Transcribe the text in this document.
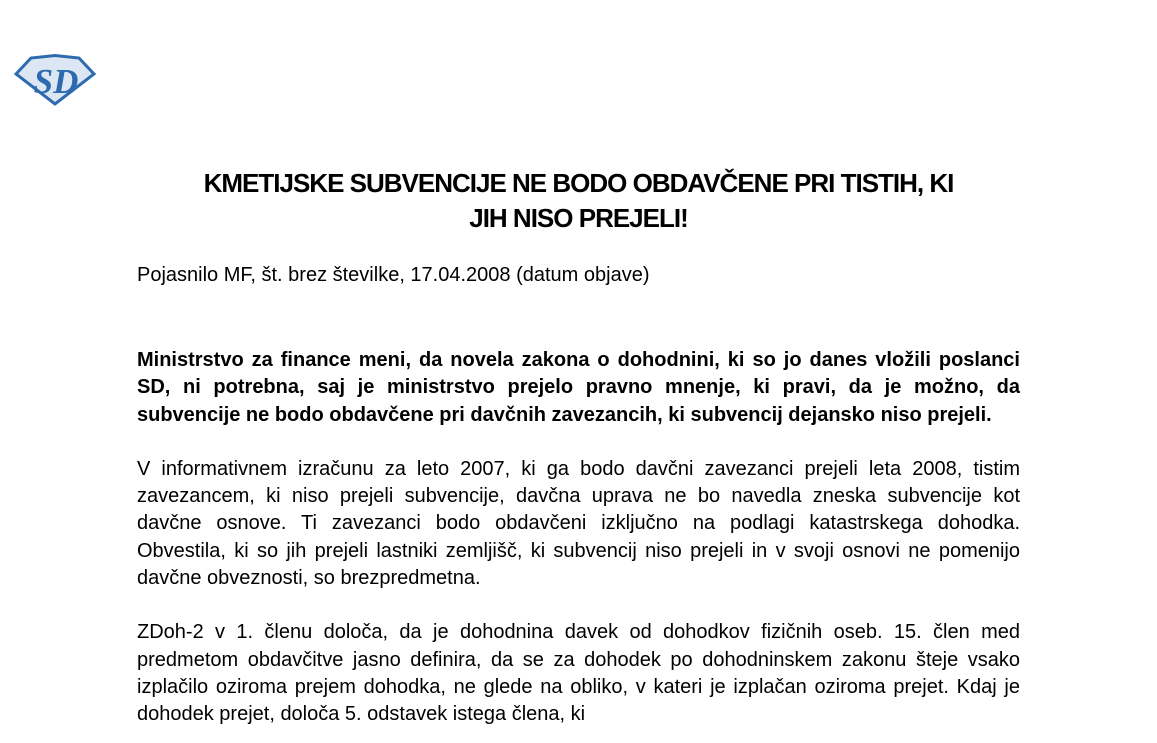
SD
KMETIJSKE SUBVENCIJE NE BODO OBDAVČENE PRI TISTIH, KI
JIH NISO PREJELI!

Pojasnilo MF, št. brez številke, 17.04.2008 (datum objave)

Ministrstvo za finance meni, da novela zakona o dohodnini, ki so jo danes vložili poslanci SD, ni potrebna, saj je ministrstvo prejelo pravno mnenje, ki pravi, da je možno, da subvencije ne bodo obdavčene pri davčnih zavezancih, ki subvencij dejansko niso prejeli.

V informativnem izračunu za leto 2007, ki ga bodo davčni zavezanci prejeli leta 2008, tistim zavezancem, ki niso prejeli subvencije, davčna uprava ne bo navedla zneska subvencije kot davčne osnove. Ti zavezanci bodo obdavčeni izključno na podlagi katastrskega dohodka. Obvestila, ki so jih prejeli lastniki zemljišč, ki subvencij niso prejeli in v svoji osnovi ne pomenijo davčne obveznosti, so brezpredmetna.

ZDoh-2 v 1. členu določa, da je dohodnina davek od dohodkov fizičnih oseb. 15. člen med predmetom obdavčitve jasno definira, da se za dohodek po dohodninskem zakonu šteje vsako izplačilo oziroma prejem dohodka, ne glede na obliko, v kateri je izplačan oziroma prejet. Kdaj je dohodek prejet, določa 5. odstavek istega člena, ki
